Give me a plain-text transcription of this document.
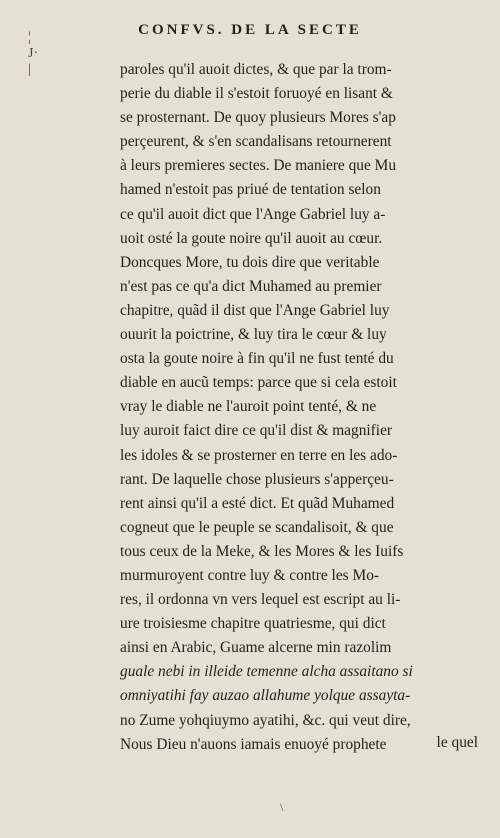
¦
J·
|
CONFVS. DE LA SECTE
paroles qu'il auoit dictes, & que par la trom-
perie du diable il s'estoit foruoyé en lisant &
se prosternant. De quoy plusieurs Mores s'ap
perçeurent, & s'en scandalisans retournerent
à leurs premieres sectes. De maniere que Mu
hamed n'estoit pas priué de tentation selon
ce qu'il auoit dict que l'Ange Gabriel luy a-
uoit osté la goute noire qu'il auoit au cœur.
Doncques More, tu dois dire que veritable
n'est pas ce qu'a dict Muhamed au premier
chapitre, quãd il dist que l'Ange Gabriel luy
ouurit la poictrine, & luy tira le cœur & luy
osta la goute noire à fin qu'il ne fust tenté du
diable en aucũ temps: parce que si cela estoit
vray le diable ne l'auroit point tenté, & ne
luy auroit faict dire ce qu'il dist & magnifier
les idoles & se prosterner en terre en les ado-
rant. De laquelle chose plusieurs s'apperçeu-
rent ainsi qu'il a esté dict. Et quãd Muhamed
cogneut que le peuple se scandalisoit, & que
tous ceux de la Meke, & les Mores & les Iuifs
murmuroyent contre luy & contre les Mo-
res, il ordonna vn vers lequel est escript au li-
ure troisiesme chapitre quatriesme, qui dict
ainsi en Arabic, Guame alcerne min razolim
guale nebi in illeide temenne alcha assaitano si
omniyatihi fay auzao allahume yolque assayta-
no Zume yohqiuymo ayatihi, &c. qui veut dire,
Nous Dieu n'auons iamais enuoyé prophete	le quel
\
